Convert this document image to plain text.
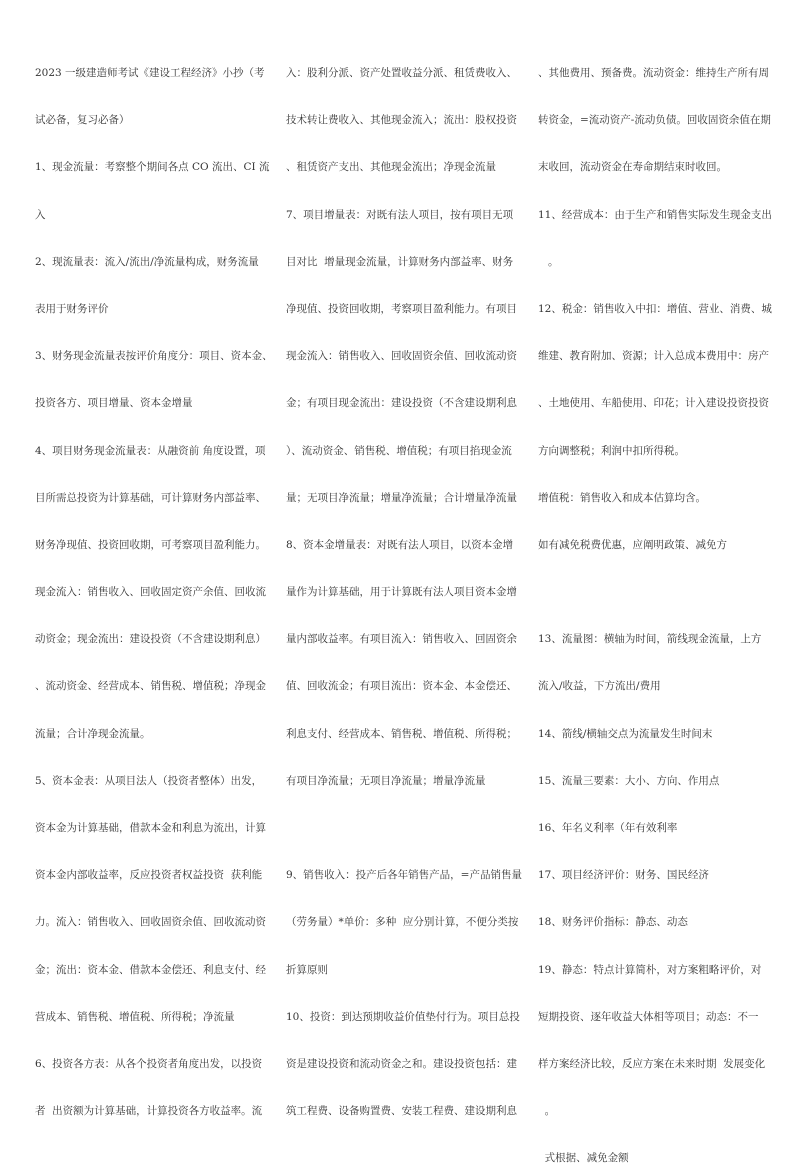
2023 一级建造师考试《建设工程经济》小抄（考

试必备，复习必备）

1、现金流量：考察整个期间各点 CO 流出、CI 流

入

2、现流量表：流入/流出/净流量构成，财务流量

表用于财务评价

3、财务现金流量表按评价角度分：项目、资本金、

投资各方、项目增量、资本金增量

4、项目财务现金流量表：从融资前 角度设置，项

目所需总投资为计算基础，可计算财务内部益率、

财务净现值、投资回收期，可考察项目盈利能力。

现金流入：销售收入、回收固定资产余值、回收流

动资金；现金流出：建设投资（不含建设期利息）

、流动资金、经营成本、销售税、增值税；净现金

流量；合计净现金流量。

5、资本金表：从项目法人（投资者整体）出发，

资本金为计算基础，借款本金和利息为流出，计算

资本金内部收益率，反应投资者权益投资  获利能

力。流入：销售收入、回收固资余值、回收流动资

金；流出：资本金、借款本金偿还、利息支付、经

营成本、销售税、增值税、所得税；净流量

6、投资各方表：从各个投资者角度出发，以投资

者  出资额为计算基础，计算投资各方收益率。流

入：股利分派、资产处置收益分派、租赁费收入、

技术转让费收入、其他现金流入；流出：股权投资

、租赁资产支出、其他现金流出；净现金流量

7、项目增量表：对既有法人项目，按有项目无项

目对比  增量现金流量，计算财务内部益率、财务

净现值、投资回收期，考察项目盈利能力。有项目

现金流入：销售收入、回收固资余值、回收流动资

金；有项目现金流出：建设投资（不含建设期利息

）、流动资金、销售税、增值税；有项目掐现金流

量；无项目净流量；增量净流量；合计增量净流量

8、资本金增量表：对既有法人项目，以资本金增

量作为计算基础，用于计算既有法人项目资本金增

量内部收益率。有项目流入：销售收入、回固资余

值、回收流金；有项目流出：资本金、本金偿还、

利息支付、经营成本、销售税、增值税、所得税；

有项目净流量；无项目净流量；增量净流量

9、销售收入：投产后各年销售产品，=产品销售量

（劳务量）*单价：多种  应分别计算，不便分类按

折算原则

10、投资：到达预期收益价值垫付行为。项目总投

资是建设投资和流动资金之和。建设投资包括：建

筑工程费、设备购置费、安装工程费、建设期利息

、其他费用、预备费。流动资金：维持生产所有周

转资金，=流动资产-流动负债。回收固资余值在期

末收回，流动资金在寿命期结束时收回。

11、经营成本：由于生产和销售实际发生现金支出

。

12、税金：销售收入中扣：增值、营业、消费、城

维建、教育附加、资源；计入总成本费用中：房产

、土地使用、车船使用、印花；计入建设投资投资

方向调整税；利润中扣所得税。

增值税：销售收入和成本估算均含。

如有减免税费优惠，应阐明政策、减免方

13、流量图：横轴为时间，箭线现金流量，上方

流入/收益，下方流出/费用

14、箭线/横轴交点为流量发生时间末

15、流量三要素：大小、方向、作用点

16、年名义利率（年有效利率

17、项目经济评价：财务、国民经济

18、财务评价指标：静态、动态

19、静态：特点计算简朴，对方案粗略评价，对

短期投资、逐年收益大体相等项目；动态：不一

样方案经济比较，反应方案在未来时期  发展变化

。

式根据、减免金额
